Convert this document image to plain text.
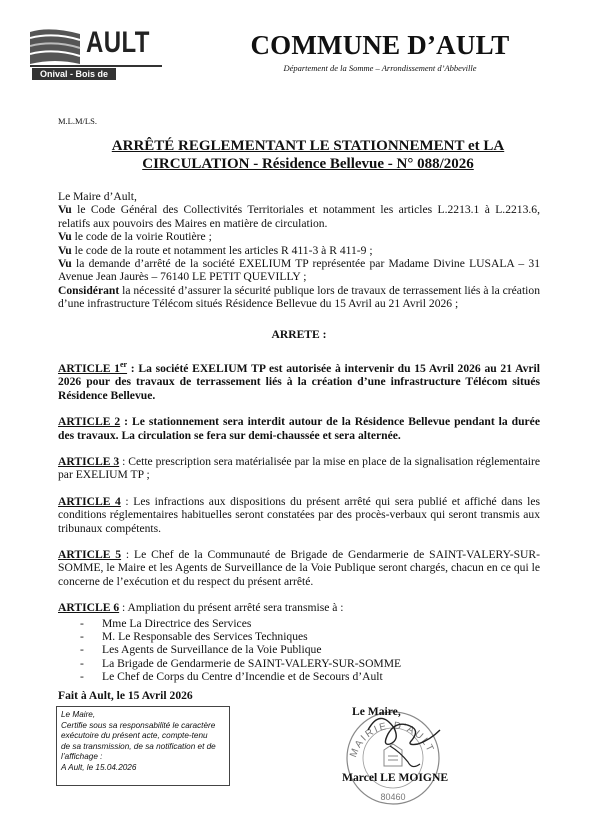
AULT
Onival - Bois de Cise
COMMUNE D’AULT
Département de la Somme – Arrondissement d’Abbeville
M.L.M/LS.
ARRÊTÉ REGLEMENTANT LE STATIONNEMENT et LA
CIRCULATION - Résidence Bellevue - N° 088/2026

Le Maire d’Ault,

Vu le Code Général des Collectivités Territoriales et notamment les articles L.2213.1 à L.2213.6, relatifs aux pouvoirs des Maires en matière de circulation.

Vu le code de la voirie Routière ;

Vu le code de la route et notamment les articles R 411-3 à R 411-9 ;

Vu la demande d’arrêté de la société EXELIUM TP représentée par Madame Divine LUSALA – 31 Avenue Jean Jaurès – 76140 LE PETIT QUEVILLY ;

Considérant la nécessité d’assurer la sécurité publique lors de travaux de terrassement liés à la création d’une infrastructure Télécom situés Résidence Bellevue du 15 Avril au 21 Avril 2026 ;

ARRETE :

ARTICLE 1er : La société EXELIUM TP est autorisée à intervenir du 15 Avril 2026 au 21 Avril 2026 pour des travaux de terrassement liés à la création d’une infrastructure Télécom situés Résidence Bellevue.

ARTICLE 2 : Le stationnement sera interdit autour de la Résidence Bellevue pendant la durée des travaux. La circulation se fera sur demi-chaussée et sera alternée.

ARTICLE 3 : Cette prescription sera matérialisée par la mise en place de la signalisation réglementaire par EXELIUM TP ;

ARTICLE 4 : Les infractions aux dispositions du présent arrêté qui sera publié et affiché dans les conditions réglementaires habituelles seront constatées par des procès-verbaux qui seront transmis aux tribunaux compétents.

ARTICLE 5 : Le Chef de la Communauté de Brigade de Gendarmerie de SAINT-VALERY-SUR-SOMME, le Maire et les Agents de Surveillance de la Voie Publique seront chargés, chacun en ce qui le concerne de l’exécution et du respect du présent arrêté.

ARTICLE 6 : Ampliation du présent arrêté sera transmise à :

- Mme La Directrice des Services
- M. Le Responsable des Services Techniques
- Les Agents de Surveillance de la Voie Publique
- La Brigade de Gendarmerie de SAINT-VALERY-SUR-SOMME
- Le Chef de Corps du Centre d’Incendie et de Secours d’Ault
Fait à Ault, le 15 Avril 2026
Le Maire,
Certifie sous sa responsabilité le caractère
exécutoire du présent acte, compte-tenu
de sa transmission, de sa notification et de
l’affichage :
A Ault, le 15.04.2026
MAIRIE D'AULT
80460
Le Maire,
Marcel LE MOIGNE
